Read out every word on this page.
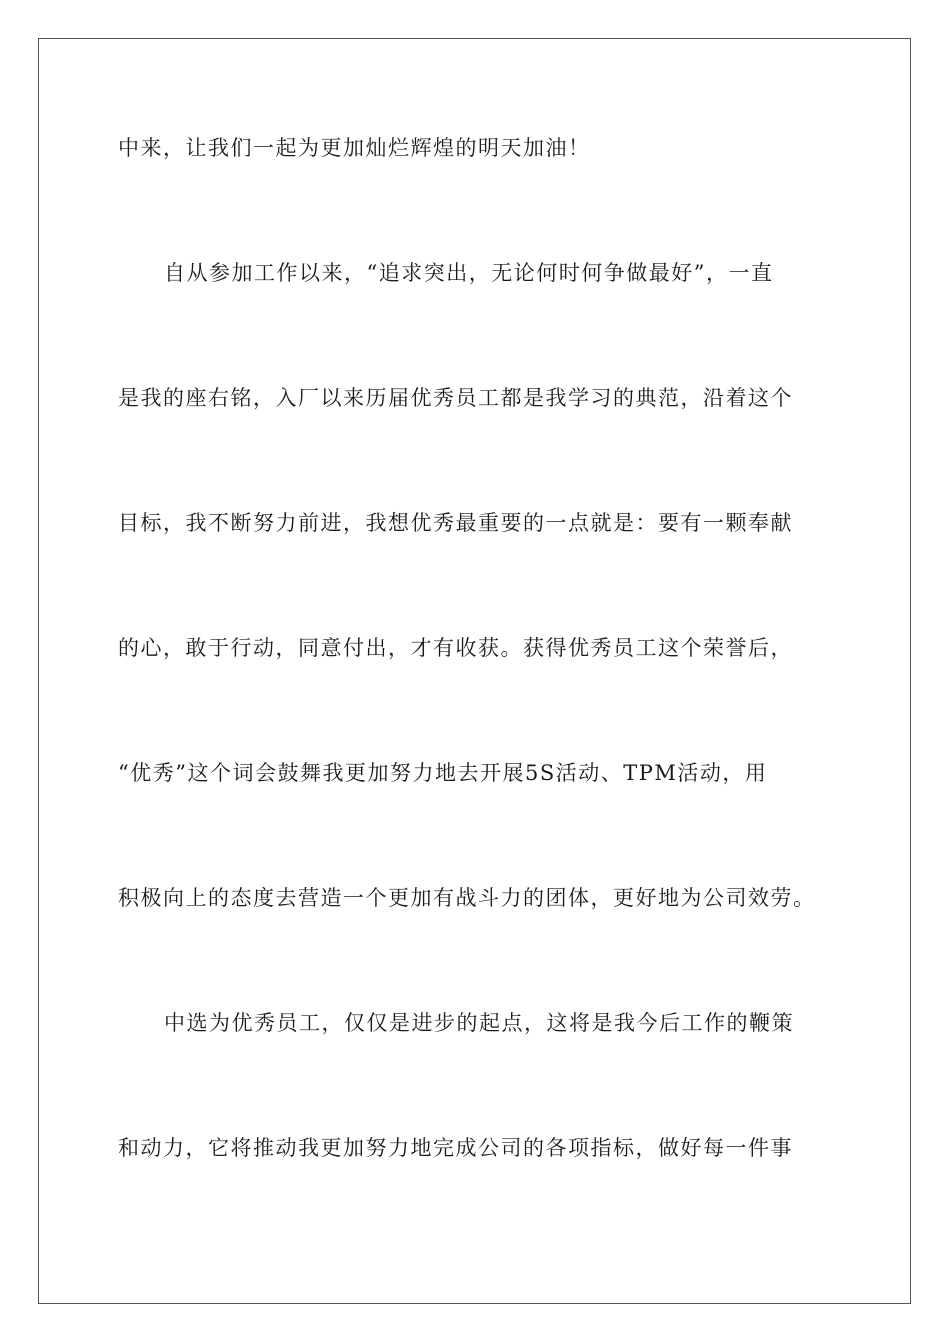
中来，让我们一起为更加灿烂辉煌的明天加油！
自从参加工作以来，“追求突出，无论何时何争做最好”，一直
是我的座右铭，入厂以来历届优秀员工都是我学习的典范，沿着这个
目标，我不断努力前进，我想优秀最重要的一点就是：要有一颗奉献
的心，敢于行动，同意付出，才有收获。获得优秀员工这个荣誉后，
“优秀”这个词会鼓舞我更加努力地去开展5S活动、TPM活动，用
积极向上的态度去营造一个更加有战斗力的团体，更好地为公司效劳。
中选为优秀员工，仅仅是进步的起点，这将是我今后工作的鞭策
和动力，它将推动我更加努力地完成公司的各项指标，做好每一件事
